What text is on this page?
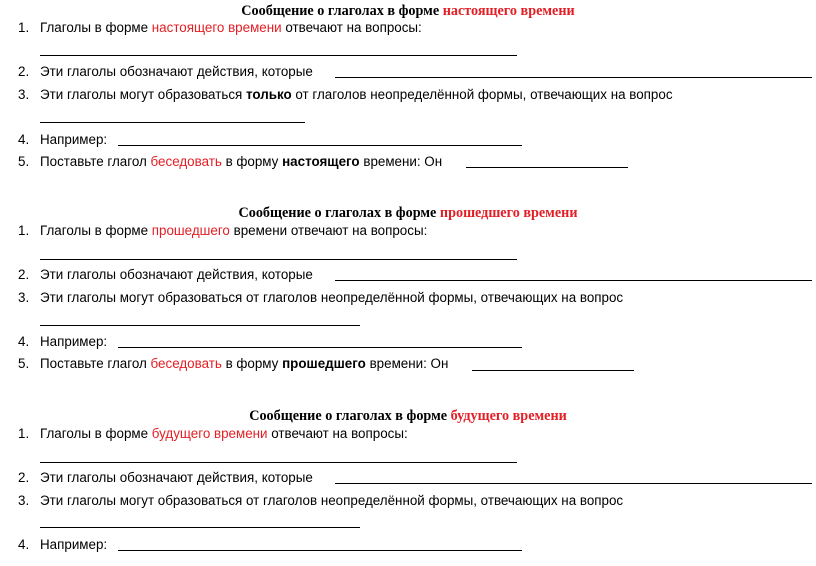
Сообщение о глаголах в форме настоящего времени
1. Глаголы в форме настоящего времени отвечают на вопросы:
2. Эти глаголы обозначают действия, которые
3. Эти глаголы могут образоваться только от глаголов неопределённой формы, отвечающих на вопрос
4. Например:
5. Поставьте глагол беседовать в форму настоящего времени: Он
Сообщение о глаголах в форме прошедшего времени
1. Глаголы в форме прошедшего времени отвечают на вопросы:
2. Эти глаголы обозначают действия, которые
3. Эти глаголы могут образоваться от глаголов неопределённой формы, отвечающих на вопрос
4. Например:
5. Поставьте глагол беседовать в форму прошедшего времени: Он
Сообщение о глаголах в форме будущего времени
1. Глаголы в форме будущего времени отвечают на вопросы:
2. Эти глаголы обозначают действия, которые
3. Эти глаголы могут образоваться от глаголов неопределённой формы, отвечающих на вопрос
4. Например:
